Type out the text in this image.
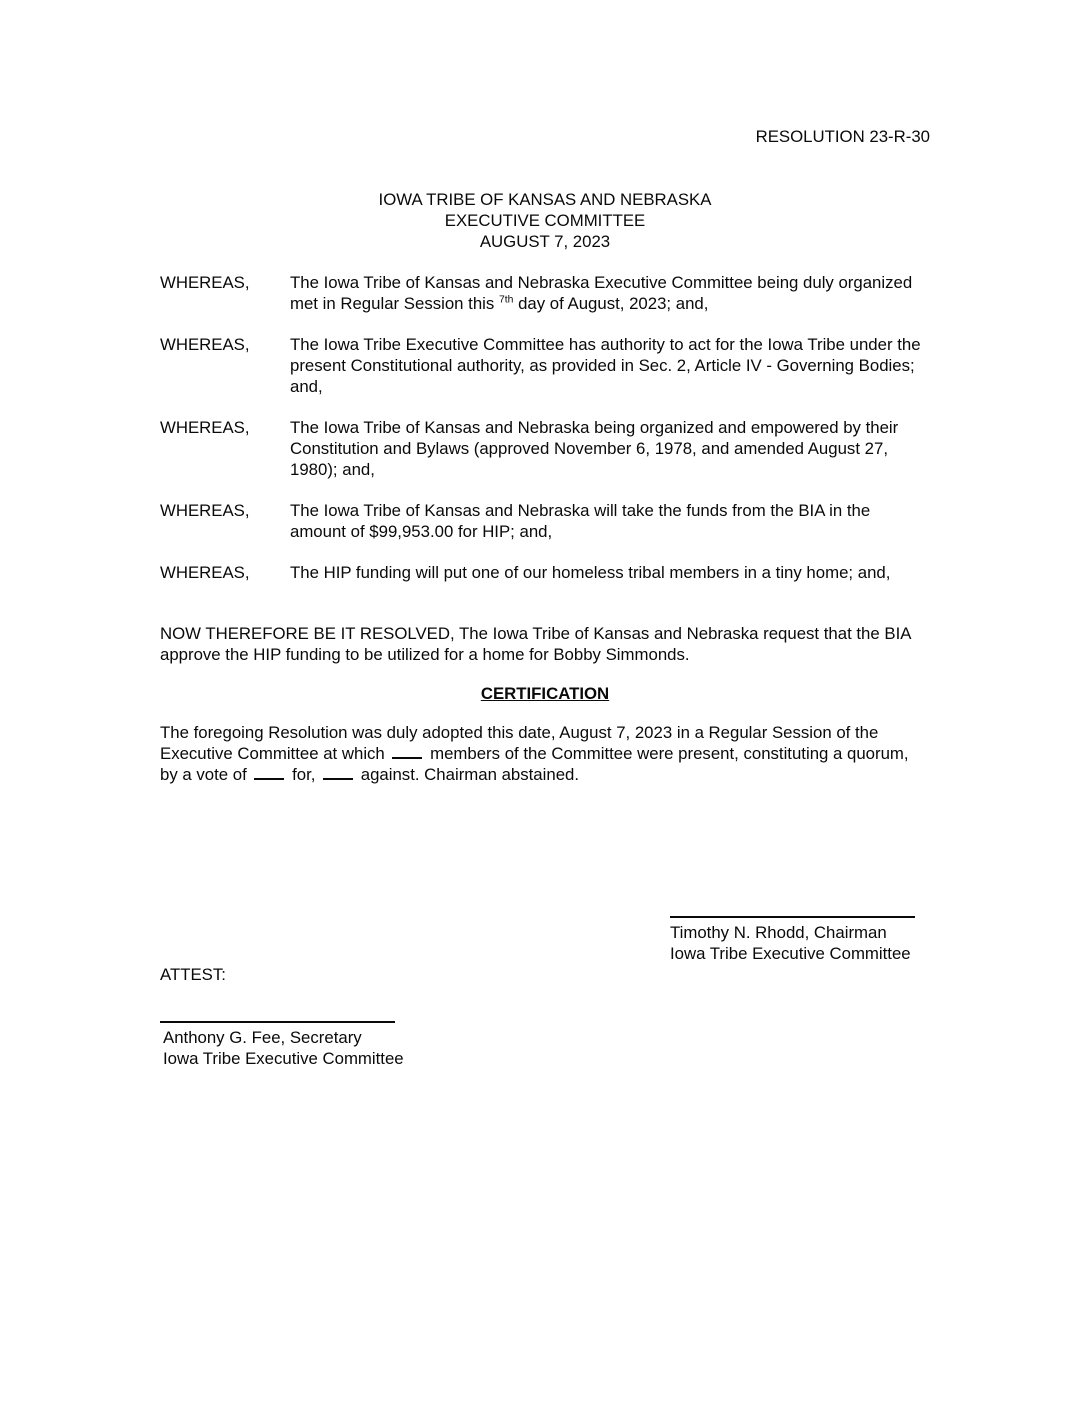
RESOLUTION 23-R-30
IOWA TRIBE OF KANSAS AND NEBRASKA
EXECUTIVE COMMITTEE
AUGUST 7, 2023
WHEREAS,	The Iowa Tribe of Kansas and Nebraska Executive Committee being duly organized met in Regular Session this $^{7th}$ day of August, 2023; and,
WHEREAS,	The Iowa Tribe Executive Committee has authority to act for the Iowa Tribe under the present Constitutional authority, as provided in Sec. 2, Article IV - Governing Bodies; and,
WHEREAS,	The Iowa Tribe of Kansas and Nebraska being organized and empowered by their Constitution and Bylaws (approved November 6, 1978, and amended August 27, 1980); and,
WHEREAS,	The Iowa Tribe of Kansas and Nebraska will take the funds from the BIA in the amount of $99,953.00 for HIP; and,
WHEREAS,	The HIP funding will put one of our homeless tribal members in a tiny home; and,
NOW THEREFORE BE IT RESOLVED, The Iowa Tribe of Kansas and Nebraska request that the BIA approve the HIP funding to be utilized for a home for Bobby Simmonds.
CERTIFICATION
The foregoing Resolution was duly adopted this date, August 7, 2023 in a Regular Session of the Executive Committee at which  members of the Committee were present, constituting a quorum, by a vote of  for,  against. Chairman abstained.
Timothy N. Rhodd, Chairman
Iowa Tribe Executive Committee
ATTEST:
Anthony G. Fee, Secretary
Iowa Tribe Executive Committee
